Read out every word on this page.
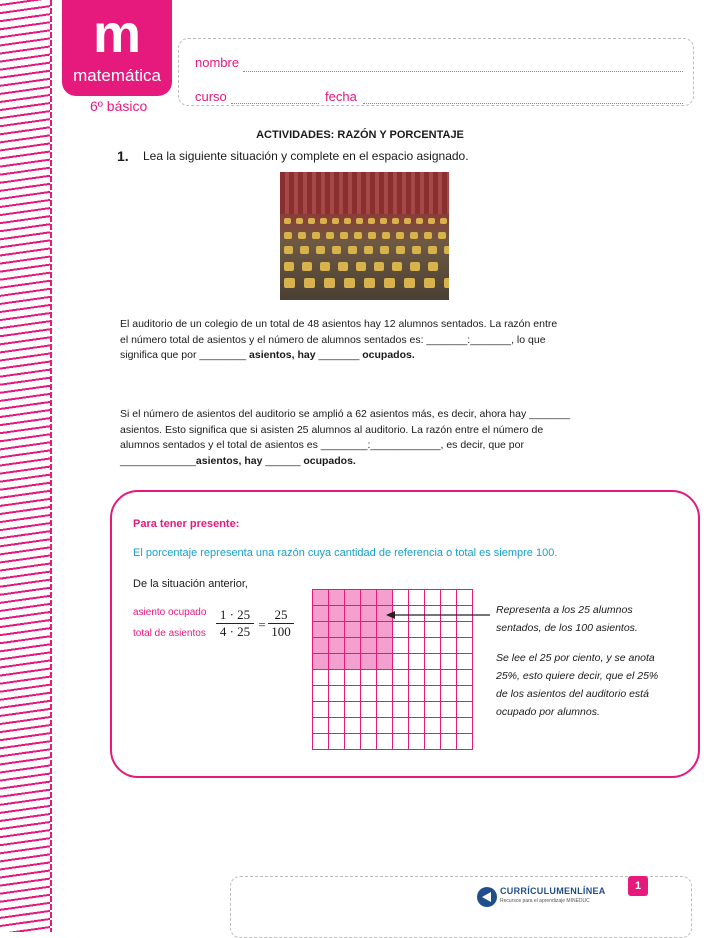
m
matemática
6º básico
nombre
curso	fecha
ACTIVIDADES: RAZÓN Y PORCENTAJE
1. Lea la siguiente situación y complete en el espacio asignado.
El auditorio de un colegio de un total de 48 asientos hay 12 alumnos sentados. La razón entre
el número total de asientos y el número de alumnos sentados es: _______:_______, lo que
significa que por ________ asientos, hay _______ ocupados.
Si el número de asientos del auditorio se amplió a 62 asientos más, es decir, ahora hay _______
asientos. Esto significa que si asisten 25 alumnos al auditorio. La razón entre el número de
alumnos sentados y el total de asientos es ________:____________, es decir, que por
_____________asientos, hay ______ ocupados.
Para tener presente:
El porcentaje representa una razón cuya cantidad de referencia o total es siempre 100.
De la situación anterior,
asiento ocupado
total de asientos $\frac{1 \cdot 25}{4 \cdot 25} = \frac{25}{100}$	Representa a los 25 alumnos sentados, de los 100 asientos.
Se lee el 25 por ciento, y se anota 25%, esto quiere decir, que el 25% de los asientos del auditorio está ocupado por alumnos.
CURRÍCULUMENLÍNEA
Recursos para el aprendizaje MINEDUC
1
